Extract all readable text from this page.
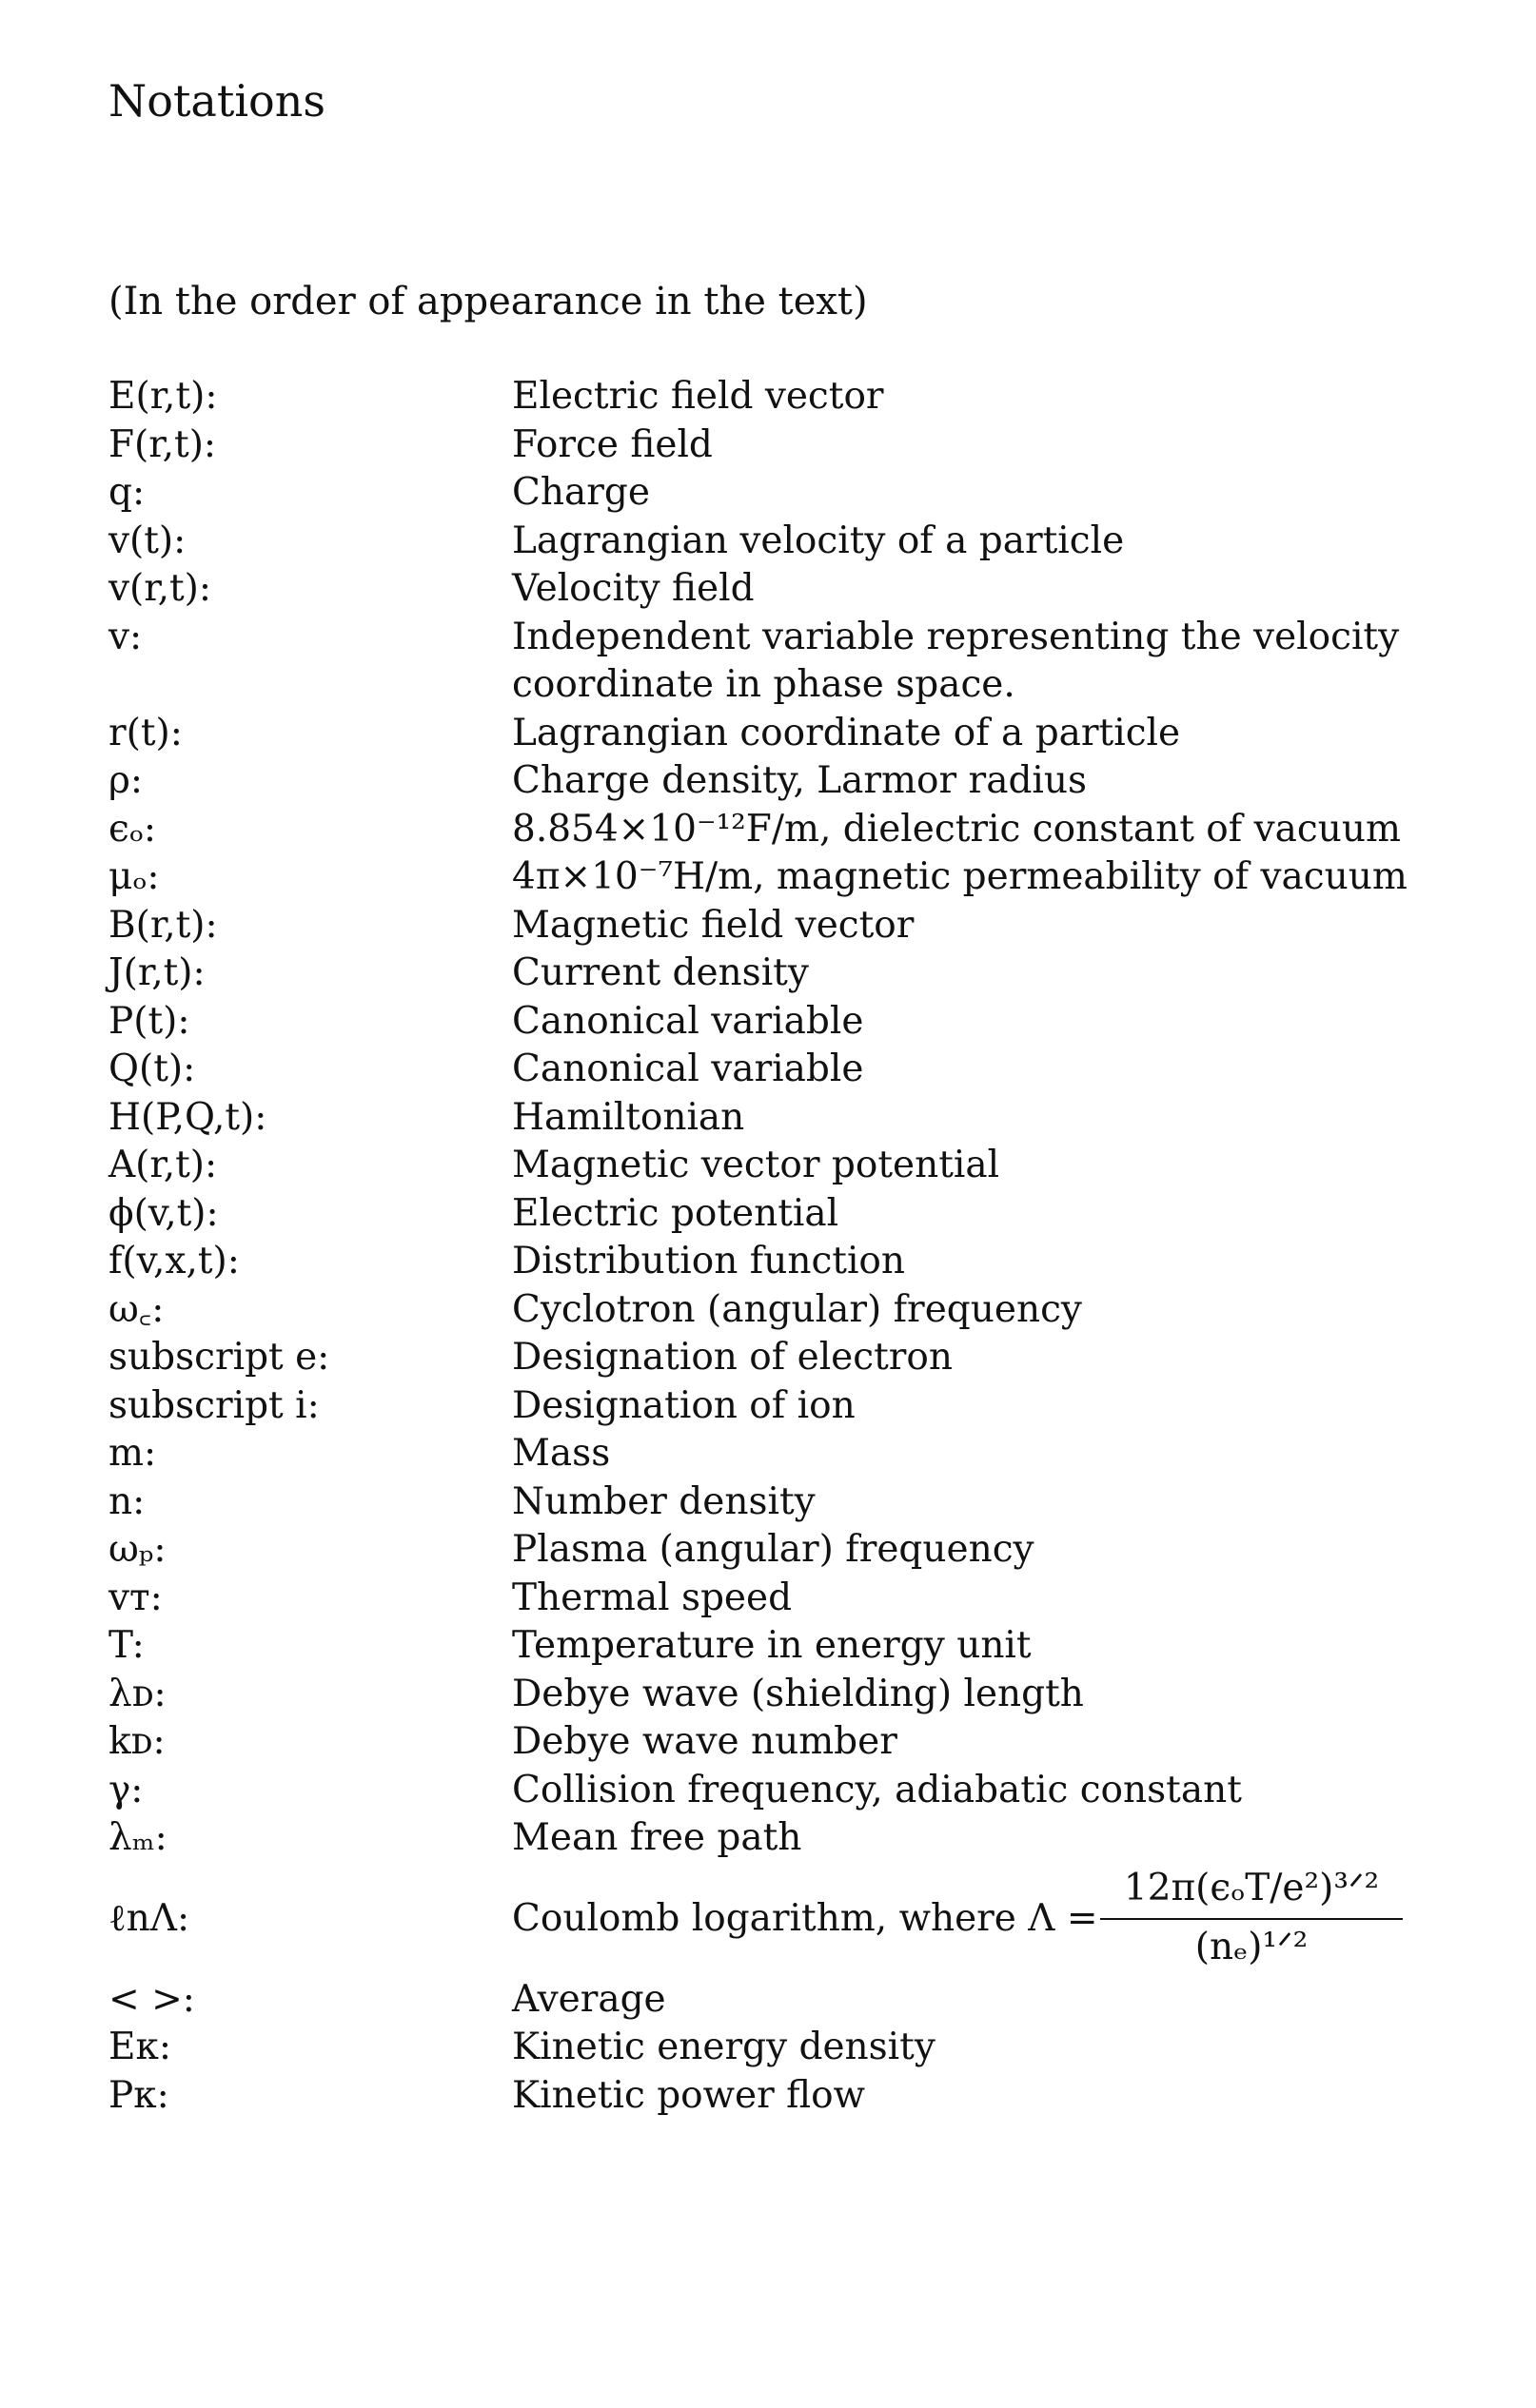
Notations
(In the order of appearance in the text)
E(r,t):	Electric field vector
F(r,t):	Force field
q:	Charge
v(t):	Lagrangian velocity of a particle
v(r,t):	Velocity field
v:	Independent variable representing the velocity coordinate in phase space.
r(t):	Lagrangian coordinate of a particle
ρ:	Charge density, Larmor radius
ϵₒ:	8.854×10⁻¹²F/m, dielectric constant of vacuum
μₒ:	4π×10⁻⁷H/m, magnetic permeability of vacuum
B(r,t):	Magnetic field vector
J(r,t):	Current density
P(t):	Canonical variable
Q(t):	Canonical variable
H(P,Q,t):	Hamiltonian
A(r,t):	Magnetic vector potential
ϕ(v,t):	Electric potential
f(v,x,t):	Distribution function
ω꜀:	Cyclotron (angular) frequency
subscript e:	Designation of electron
subscript i:	Designation of ion
m:	Mass
n:	Number density
ωₚ:	Plasma (angular) frequency
vᴛ:	Thermal speed
T:	Temperature in energy unit
λᴅ:	Debye wave (shielding) length
kᴅ:	Debye wave number
γ:	Collision frequency, adiabatic constant
λₘ:	Mean free path
ℓnΛ:	Coulomb logarithm, where Λ =
12π(ϵₒT/e²)³ᐟ²
(nₑ)¹ᐟ²
< >:	Average
Eᴋ:	Kinetic energy density
Pᴋ:	Kinetic power flow
